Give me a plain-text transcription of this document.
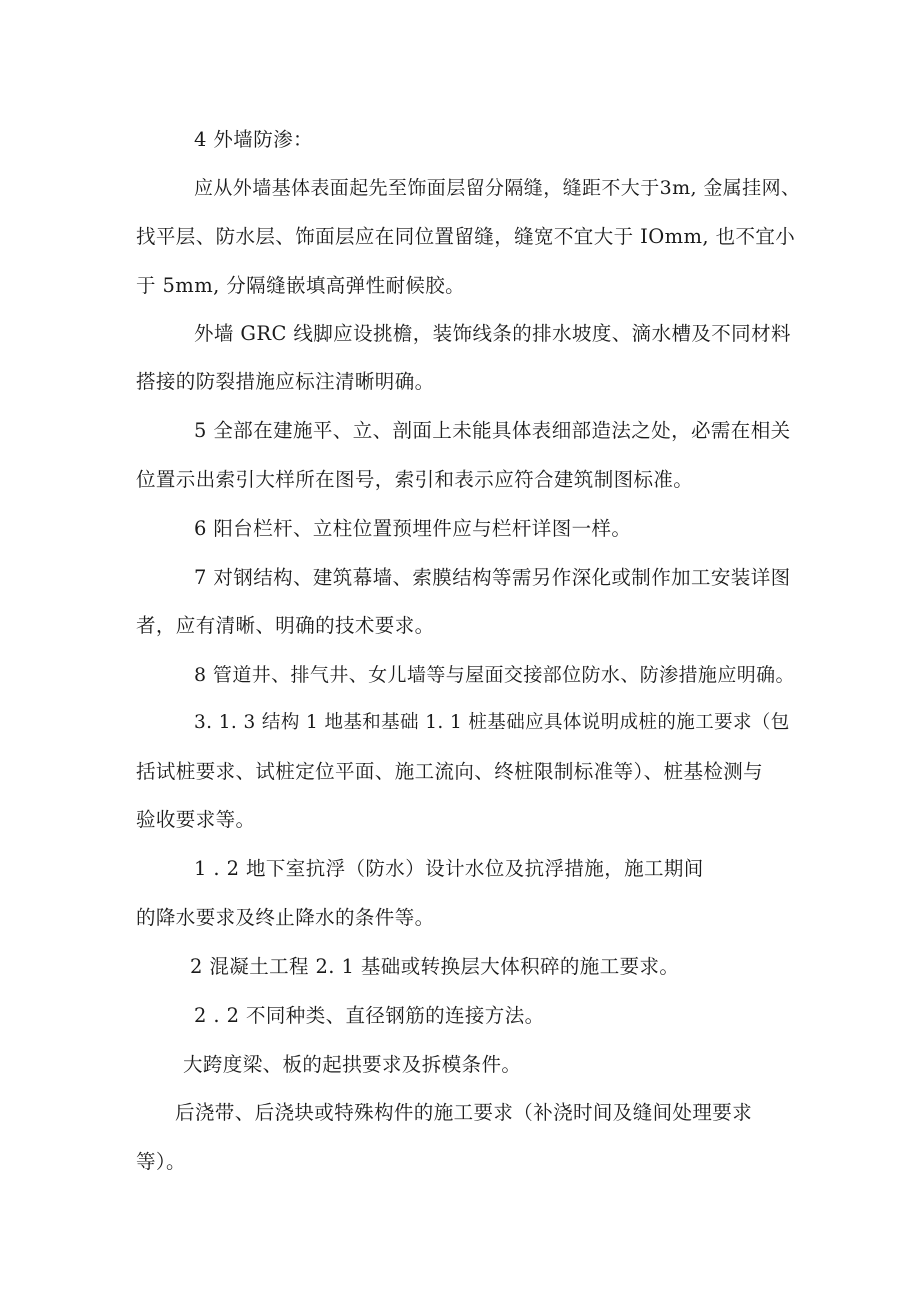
4 外墙防渗：
应从外墙基体表面起先至饰面层留分隔缝，缝距不大于3m, 金属挂网、
找平层、防水层、饰面层应在同位置留缝，缝宽不宜大于 IOmm, 也不宜小
于 5mm, 分隔缝嵌填高弹性耐候胶。
外墙 GRC 线脚应设挑檐，装饰线条的排水坡度、滴水槽及不同材料
搭接的防裂措施应标注清晰明确。
5 全部在建施平、立、剖面上未能具体表细部造法之处，必需在相关
位置示出索引大样所在图号，索引和表示应符合建筑制图标准。
6 阳台栏杆、立柱位置预埋件应与栏杆详图一样。
7 对钢结构、建筑幕墙、索膜结构等需另作深化或制作加工安装详图
者，应有清晰、明确的技术要求。
8 管道井、排气井、女儿墙等与屋面交接部位防水、防渗措施应明确。
3. 1. 3 结构 1 地基和基础 1. 1 桩基础应具体说明成桩的施工要求（包
括试桩要求、试桩定位平面、施工流向、终桩限制标准等）、桩基检测与
验收要求等。
1 . 2 地下室抗浮（防水）设计水位及抗浮措施，施工期间
的降水要求及终止降水的条件等。
2 混凝土工程 2. 1 基础或转换层大体积碎的施工要求。
2 . 2 不同种类、直径钢筋的连接方法。
大跨度梁、板的起拱要求及拆模条件。
后浇带、后浇块或特殊构件的施工要求（补浇时间及缝间处理要求
等）。
